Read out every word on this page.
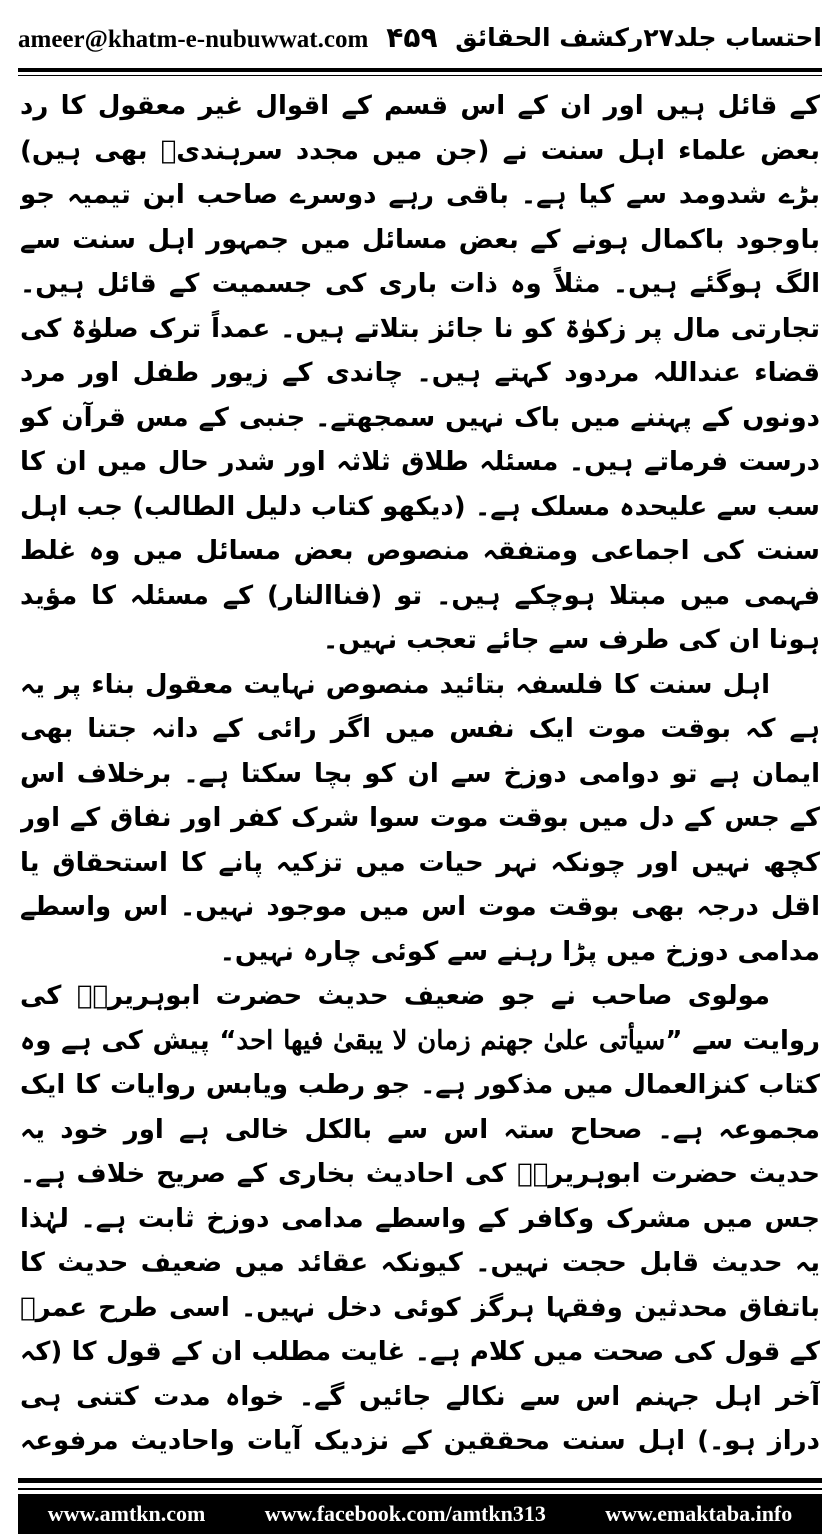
ameer@khatm-e-nubuwwat.com ۴۵۹ احتساب جلد۲۷رکشف الحقائق

کے قائل ہیں اور ان کے اس قسم کے اقوال غیر معقول کا رد بعض علماء اہل سنت نے (جن میں مجدد سرہندیؒ بھی ہیں) بڑے شدومد سے کیا ہے۔ باقی رہے دوسرے صاحب ابن تیمیہ جو باوجود باکمال ہونے کے بعض مسائل میں جمہور اہل سنت سے الگ ہوگئے ہیں۔ مثلاً وہ ذات باری کی جسمیت کے قائل ہیں۔ تجارتی مال پر زکوٰۃ کو نا جائز بتلاتے ہیں۔ عمداً ترک صلوٰۃ کی قضاء عنداللہ مردود کہتے ہیں۔ چاندی کے زیور طفل اور مرد دونوں کے پہننے میں باک نہیں سمجھتے۔ جنبی کے مس قرآن کو درست فرماتے ہیں۔ مسئلہ طلاق ثلاثہ اور شدر حال میں ان کا سب سے علیحدہ مسلک ہے۔ (دیکھو کتاب دلیل الطالب) جب اہل سنت کی اجماعی ومتفقہ منصوص بعض مسائل میں وہ غلط فہمی میں مبتلا ہوچکے ہیں۔ تو (فناالنار) کے مسئلہ کا مؤید ہونا ان کی طرف سے جائے تعجب نہیں۔

اہل سنت کا فلسفہ بتائید منصوص نہایت معقول بناء پر یہ ہے کہ بوقت موت ایک نفس میں اگر رائی کے دانہ جتنا بھی ایمان ہے تو دوامی دوزخ سے ان کو بچا سکتا ہے۔ برخلاف اس کے جس کے دل میں بوقت موت سوا شرک کفر اور نفاق کے اور کچھ نہیں اور چونکہ نہر حیات میں تزکیہ پانے کا استحقاق یا اقل درجہ بھی بوقت موت اس میں موجود نہیں۔ اس واسطے مدامی دوزخ میں پڑا رہنے سے کوئی چارہ نہیں۔

مولوی صاحب نے جو ضعیف حدیث حضرت ابوہریرہؓ کی روایت سے ”سیأتی علیٰ جھنم زمان لا یبقیٰ فیھا احد“ پیش کی ہے وہ کتاب کنزالعمال میں مذکور ہے۔ جو رطب ویابس روایات کا ایک مجموعہ ہے۔ صحاح ستہ اس سے بالکل خالی ہے اور خود یہ حدیث حضرت ابوہریرہؓ کی احادیث بخاری کے صریح خلاف ہے۔ جس میں مشرک وکافر کے واسطے مدامی دوزخ ثابت ہے۔ لہٰذا یہ حدیث قابل حجت نہیں۔ کیونکہ عقائد میں ضعیف حدیث کا باتفاق محدثین وفقہا ہرگز کوئی دخل نہیں۔ اسی طرح عمرؓ کے قول کی صحت میں کلام ہے۔ غایت مطلب ان کے قول کا (کہ آخر اہل جہنم اس سے نکالے جائیں گے۔ خواہ مدت کتنی ہی دراز ہو۔) اہل سنت محققین کے نزدیک آیات واحادیث مرفوعہ

www.amtkn.com	www.facebook.com/amtkn313	www.emaktaba.info
